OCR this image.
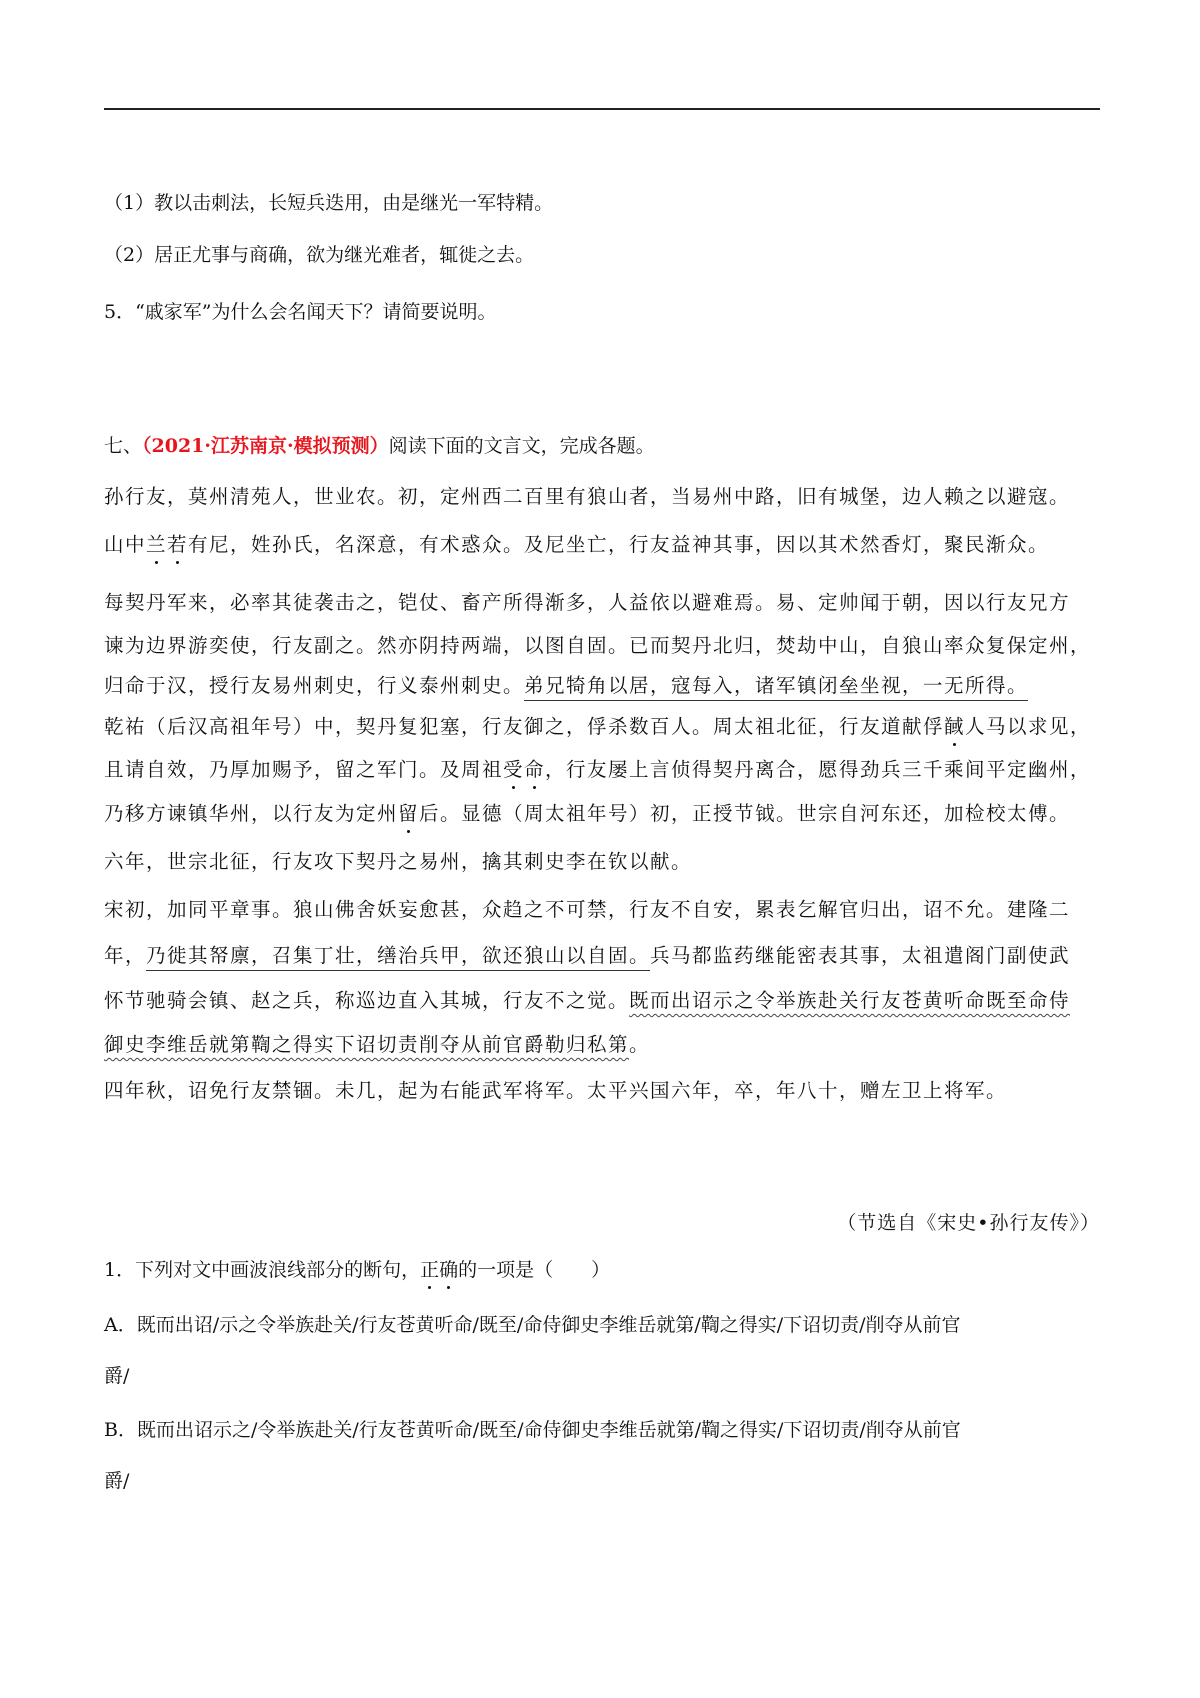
（1）教以击刺法，长短兵迭用，由是继光一军特精。
（2）居正尤事与商确，欲为继光难者，辄徙之去。
5．“戚家军”为什么会名闻天下？请简要说明。
七、（2021·江苏南京·模拟预测）阅读下面的文言文，完成各题。
孙行友，莫州清苑人，世业农。初，定州西二百里有狼山者，当易州中路，旧有城堡，边人赖之以避寇。
山中兰若有尼，姓孙氏，名深意，有术惑众。及尼坐亡，行友益神其事，因以其术然香灯，聚民渐众。
每契丹军来，必率其徒袭击之，铠仗、畜产所得渐多，人益依以避难焉。易、定帅闻于朝，因以行友兄方
谏为边界游奕使，行友副之。然亦阴持两端，以图自固。已而契丹北归，焚劫中山，自狼山率众复保定州，
归命于汉，授行友易州刺史，行义泰州刺史。弟兄犄角以居，寇每入，诸军镇闭垒坐视，一无所得。
乾祐（后汉高祖年号）中，契丹复犯塞，行友御之，俘杀数百人。周太祖北征，行友道献俘馘人马以求见，
且请自效，乃厚加赐予，留之军门。及周祖受命，行友屡上言侦得契丹离合，愿得劲兵三千乘间平定幽州，
乃移方谏镇华州，以行友为定州留后。显德（周太祖年号）初，正授节钺。世宗自河东还，加检校太傅。
六年，世宗北征，行友攻下契丹之易州，擒其刺史李在钦以献。
宋初，加同平章事。狼山佛舍妖妄愈甚，众趋之不可禁，行友不自安，累表乞解官归出，诏不允。建隆二
年，乃徙其帑廪，召集丁壮，缮治兵甲，欲还狼山以自固。兵马都监药继能密表其事，太祖遣阁门副使武
怀节驰骑会镇、赵之兵，称巡边直入其城，行友不之觉。既而出诏示之令举族赴关行友苍黄听命既至命侍
御史李维岳就第鞫之得实下诏切责削夺从前官爵勒归私第。
四年秋，诏免行友禁锢。未几，起为右能武军将军。太平兴国六年，卒，年八十，赠左卫上将军。
（节选自《宋史•孙行友传》）
1．下列对文中画波浪线部分的断句，正确的一项是（　　）
A．既而出诏/示之令举族赴关/行友苍黄听命/既至/命侍御史李维岳就第/鞫之得实/下诏切责/削夺从前官
爵/
B．既而出诏示之/令举族赴关/行友苍黄听命/既至/命侍御史李维岳就第/鞫之得实/下诏切责/削夺从前官
爵/
